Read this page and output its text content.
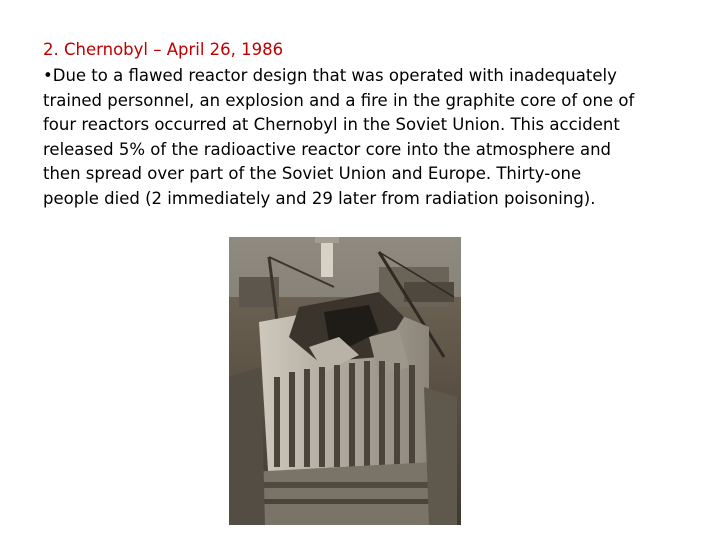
2. Chernobyl – April 26, 1986
•Due to a flawed reactor design that was operated with inadequately
trained personnel, an explosion and a fire in the graphite core of one of
four reactors occurred at Chernobyl in the Soviet Union. This accident
released 5% of the radioactive reactor core into the atmosphere and
then spread over part of the Soviet Union and Europe. Thirty-one
people died (2 immediately and 29 later from radiation poisoning).
